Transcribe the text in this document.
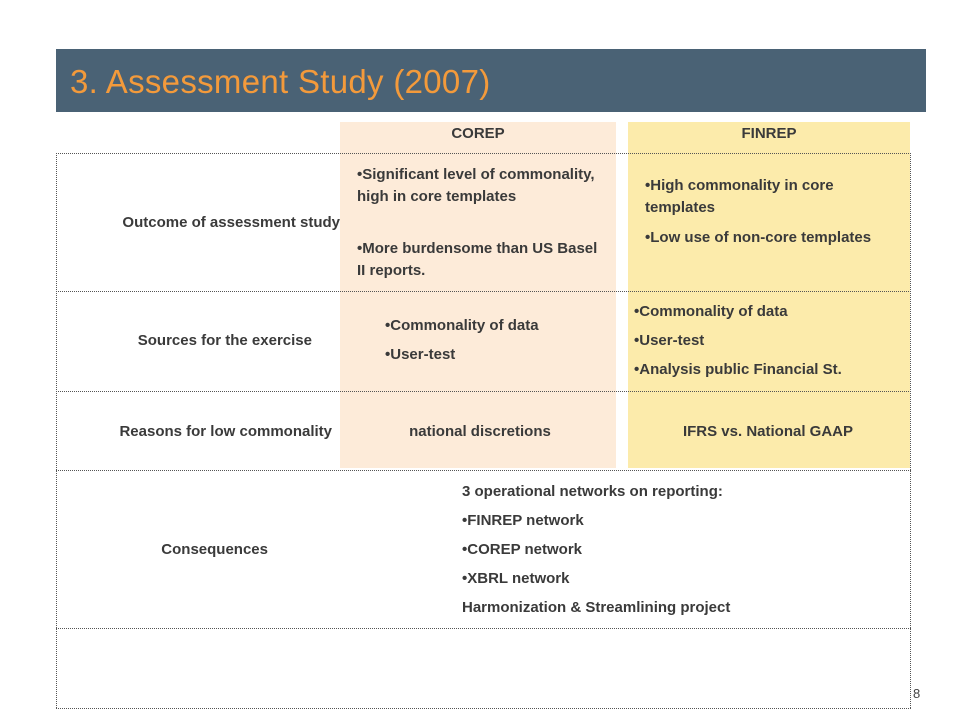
3. Assessment Study (2007)
COREP	FINREP
Outcome of assessment study
Sources for the exercise
Reasons for low commonality
Consequences
•Significant level of commonality, high in core templates
•More burdensome than US Basel II reports.
•High commonality in core templates
•Low use of non-core templates
•Commonality of data
•User-test
•Commonality of data
•User-test
•Analysis public Financial St.
national discretions	IFRS vs. National GAAP
3 operational networks on reporting:
•FINREP network
•COREP network
•XBRL network
Harmonization & Streamlining project
8
